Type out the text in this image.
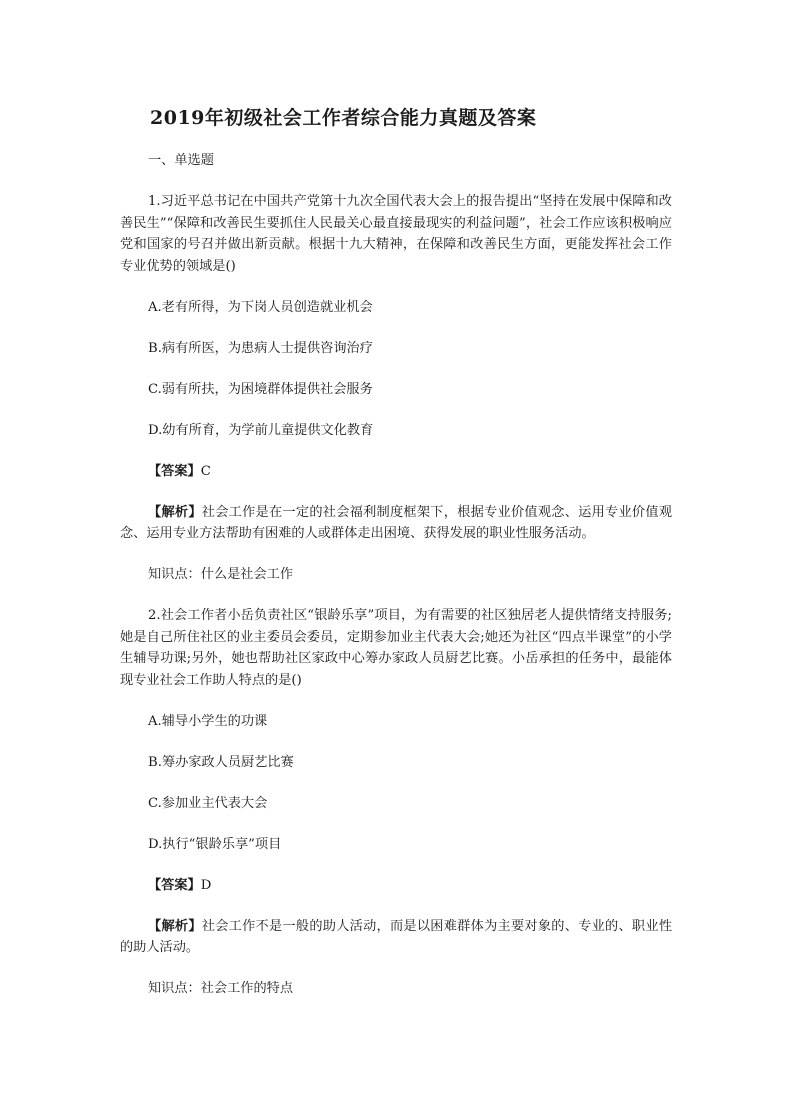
2019年初级社会工作者综合能力真题及答案

一、单选题

1.习近平总书记在中国共产党第十九次全国代表大会上的报告提出“坚持在发展中保障和改善民生”“保障和改善民生要抓住人民最关心最直接最现实的利益问题”，社会工作应该积极响应党和国家的号召并做出新贡献。根据十九大精神，在保障和改善民生方面，更能发挥社会工作专业优势的领域是()

A.老有所得，为下岗人员创造就业机会

B.病有所医，为患病人士提供咨询治疗

C.弱有所扶，为困境群体提供社会服务

D.幼有所育，为学前儿童提供文化教育

【答案】C

【解析】社会工作是在一定的社会福利制度框架下，根据专业价值观念、运用专业价值观念、运用专业方法帮助有困难的人或群体走出困境、获得发展的职业性服务活动。

知识点：什么是社会工作

2.社会工作者小岳负责社区“银龄乐享”项目，为有需要的社区独居老人提供情绪支持服务;她是自己所住社区的业主委员会委员，定期参加业主代表大会;她还为社区“四点半课堂”的小学生辅导功课;另外，她也帮助社区家政中心筹办家政人员厨艺比赛。小岳承担的任务中，最能体现专业社会工作助人特点的是()

A.辅导小学生的功课

B.筹办家政人员厨艺比赛

C.参加业主代表大会

D.执行“银龄乐享”项目

【答案】D

【解析】社会工作不是一般的助人活动，而是以困难群体为主要对象的、专业的、职业性的助人活动。

知识点：社会工作的特点
